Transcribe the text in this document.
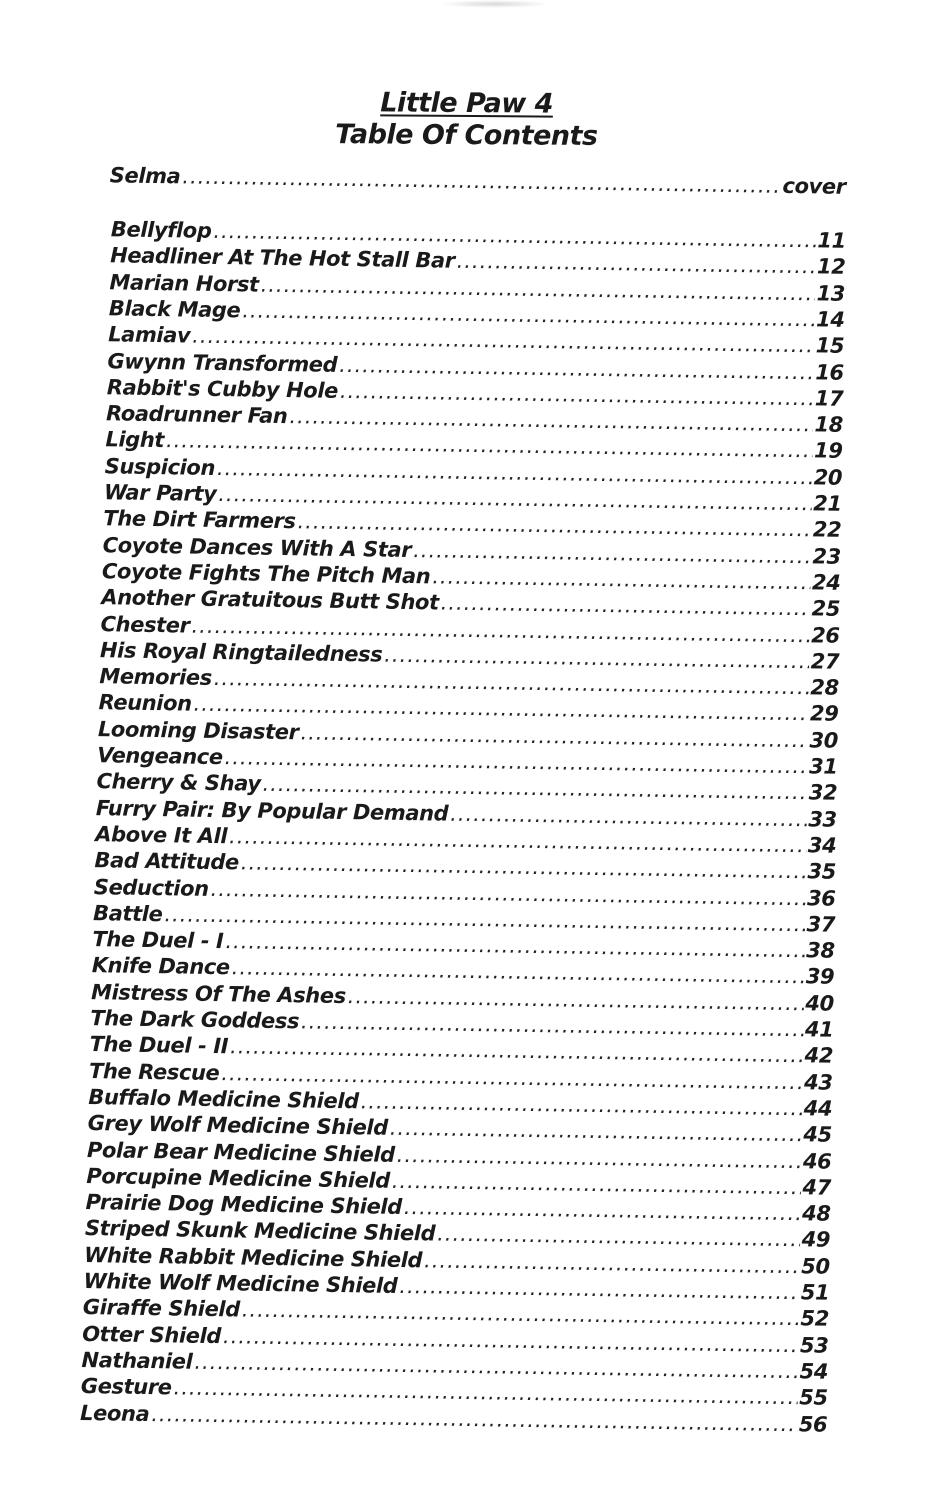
Little Paw 4
Table Of Contents
Selma .....	cover
Bellyflop .....	11
Headliner At The Hot Stall Bar .....	12
Marian Horst .....	13
Black Mage .....	14
Lamiav .....	15
Gwynn Transformed .....	16
Rabbit's Cubby Hole .....	17
Roadrunner Fan .....	18
Light .....	19
Suspicion .....	20
War Party .....	21
The Dirt Farmers .....	22
Coyote Dances With A Star .....	23
Coyote Fights The Pitch Man .....	24
Another Gratuitous Butt Shot .....	25
Chester .....	26
His Royal Ringtailedness .....	27
Memories .....	28
Reunion .....	29
Looming Disaster .....	30
Vengeance .....	31
Cherry & Shay .....	32
Furry Pair: By Popular Demand .....	33
Above It All .....	34
Bad Attitude .....	35
Seduction .....	36
Battle .....	37
The Duel - I .....	38
Knife Dance .....	39
Mistress Of The Ashes .....	40
The Dark Goddess .....	41
The Duel - II .....	42
The Rescue .....	43
Buffalo Medicine Shield .....	44
Grey Wolf Medicine Shield .....	45
Polar Bear Medicine Shield .....	46
Porcupine Medicine Shield .....	47
Prairie Dog Medicine Shield .....	48
Striped Skunk Medicine Shield .....	49
White Rabbit Medicine Shield .....	50
White Wolf Medicine Shield .....	51
Giraffe Shield .....	52
Otter Shield .....	53
Nathaniel .....	54
Gesture .....	55
Leona .....	56
